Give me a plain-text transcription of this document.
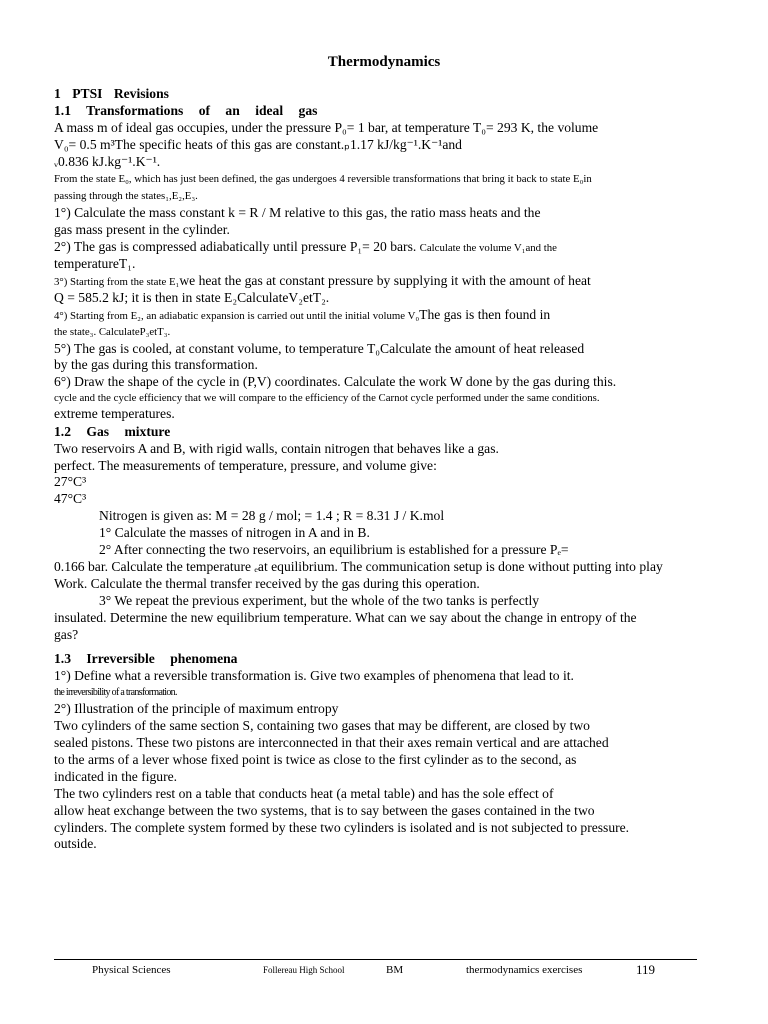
Thermodynamics
1 PTSI Revisions
1.1 Transformations of an ideal gas
A mass m of ideal gas occupies, under the pressure P₀= 1 bar, at temperature T₀= 293 K, the volume
V₀= 0.5 m³The specific heats of this gas are constant.ₚ1.17 kJ/kg⁻¹.K⁻¹and
ᵥ0.836 kJ.kg⁻¹.K⁻¹.
From the state E₀, which has just been defined, the gas undergoes 4 reversible transformations that bring it back to state E₀in
passing through the states₁,E₂,E₃.
1°) Calculate the mass constant k = R / M relative to this gas, the ratio mass heats and the
gas mass present in the cylinder.
2°) The gas is compressed adiabatically until pressure P₁= 20 bars. Calculate the volume V₁and the
temperatureT₁.
3°) Starting from the state E₁we heat the gas at constant pressure by supplying it with the amount of heat
Q = 585.2 kJ; it is then in state E₂CalculateV₂etT₂.
4°) Starting from E₂, an adiabatic expansion is carried out until the initial volume V₀The gas is then found in
the state₃. CalculateP₃etT₃.
5°) The gas is cooled, at constant volume, to temperature T₀Calculate the amount of heat released
by the gas during this transformation.
6°) Draw the shape of the cycle in (P,V) coordinates. Calculate the work W done by the gas during this.
cycle and the cycle efficiency that we will compare to the efficiency of the Carnot cycle performed under the same conditions.
extreme temperatures.
1.2 Gas mixture
Two reservoirs A and B, with rigid walls, contain nitrogen that behaves like a gas.
perfect. The measurements of temperature, pressure, and volume give:
27°C³
47°C³
Nitrogen is given as: M = 28 g / mol; = 1.4 ; R = 8.31 J / K.mol
1° Calculate the masses of nitrogen in A and in B.
2° After connecting the two reservoirs, an equilibrium is established for a pressure Pₑ=
0.166 bar. Calculate the temperature ₑat equilibrium. The communication setup is done without putting into play
Work. Calculate the thermal transfer received by the gas during this operation.
3° We repeat the previous experiment, but the whole of the two tanks is perfectly
insulated. Determine the new equilibrium temperature. What can we say about the change in entropy of the
gas?
1.3 Irreversible phenomena
1°) Define what a reversible transformation is. Give two examples of phenomena that lead to it.
the irreversibility of a transformation.
2°) Illustration of the principle of maximum entropy
Two cylinders of the same section S, containing two gases that may be different, are closed by two
sealed pistons. These two pistons are interconnected in that their axes remain vertical and are attached
to the arms of a lever whose fixed point is twice as close to the first cylinder as to the second, as
indicated in the figure.
The two cylinders rest on a table that conducts heat (a metal table) and has the sole effect of
allow heat exchange between the two systems, that is to say between the gases contained in the two
cylinders. The complete system formed by these two cylinders is isolated and is not subjected to pressure.
outside.
Physical Sciences	Follereau High School	BM	thermodynamics exercises	119
